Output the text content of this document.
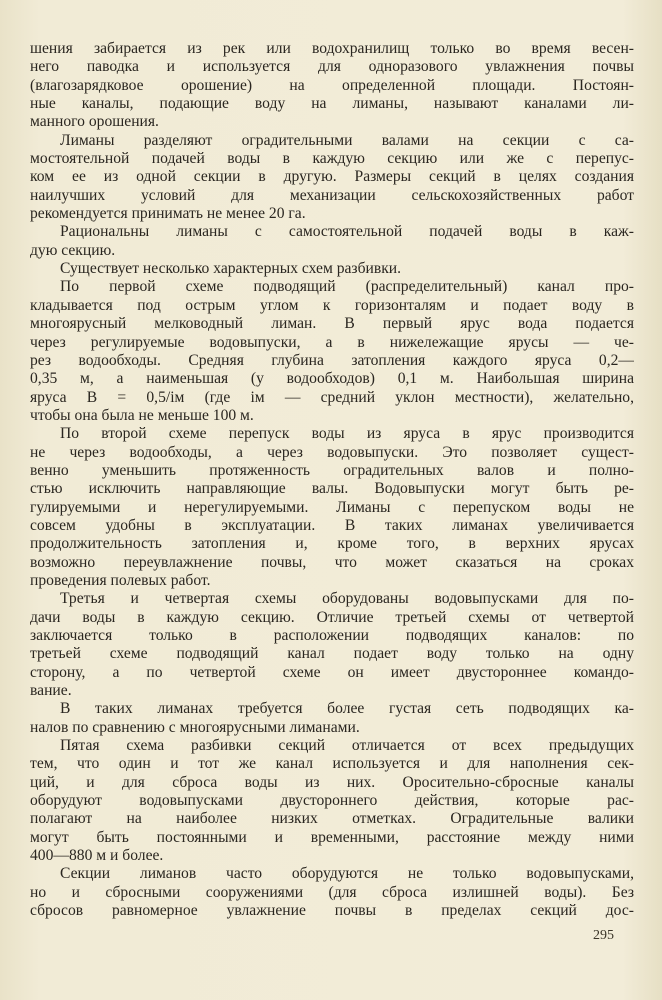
шения забирается из рек или водохранилищ только во время весен-
него паводка и используется для одноразового увлажнения почвы
(влагозарядковое орошение) на определенной площади. Постоян-
ные каналы, подающие воду на лиманы, называют каналами ли-
манного орошения.
Лиманы разделяют оградительными валами на секции с са-
мостоятельной подачей воды в каждую секцию или же с перепус-
ком ее из одной секции в другую. Размеры секций в целях создания
наилучших условий для механизации сельскохозяйственных работ
рекомендуется принимать не менее 20 га.
Рациональны лиманы с самостоятельной подачей воды в каж-
дую секцию.
Существует несколько характерных схем разбивки.
По первой схеме подводящий (распределительный) канал про-
кладывается под острым углом к горизонталям и подает воду в
многоярусный мелководный лиман. В первый ярус вода подается
через регулируемые водовыпуски, а в нижележащие ярусы — че-
рез водообходы. Средняя глубина затопления каждого яруса 0,2—
0,35 м, а наименьшая (у водообходов) 0,1 м. Наибольшая ширина
яруса B = 0,5/iм (где iм — средний уклон местности), желательно,
чтобы она была не меньше 100 м.
По второй схеме перепуск воды из яруса в ярус производится
не через водообходы, а через водовыпуски. Это позволяет сущест-
венно уменьшить протяженность оградительных валов и полно-
стью исключить направляющие валы. Водовыпуски могут быть ре-
гулируемыми и нерегулируемыми. Лиманы с перепуском воды не
совсем удобны в эксплуатации. В таких лиманах увеличивается
продолжительность затопления и, кроме того, в верхних ярусах
возможно переувлажнение почвы, что может сказаться на сроках
проведения полевых работ.
Третья и четвертая схемы оборудованы водовыпусками для по-
дачи воды в каждую секцию. Отличие третьей схемы от четвертой
заключается только в расположении подводящих каналов: по
третьей схеме подводящий канал подает воду только на одну
сторону, а по четвертой схеме он имеет двустороннее командо-
вание.
В таких лиманах требуется более густая сеть подводящих ка-
налов по сравнению с многоярусными лиманами.
Пятая схема разбивки секций отличается от всех предыдущих
тем, что один и тот же канал используется и для наполнения сек-
ций, и для сброса воды из них. Оросительно-сбросные каналы
оборудуют водовыпусками двустороннего действия, которые рас-
полагают на наиболее низких отметках. Оградительные валики
могут быть постоянными и временными, расстояние между ними
400—880 м и более.
Секции лиманов часто оборудуются не только водовыпусками,
но и сбросными сооружениями (для сброса излишней воды). Без
сбросов равномерное увлажнение почвы в пределах секций дос-
295
